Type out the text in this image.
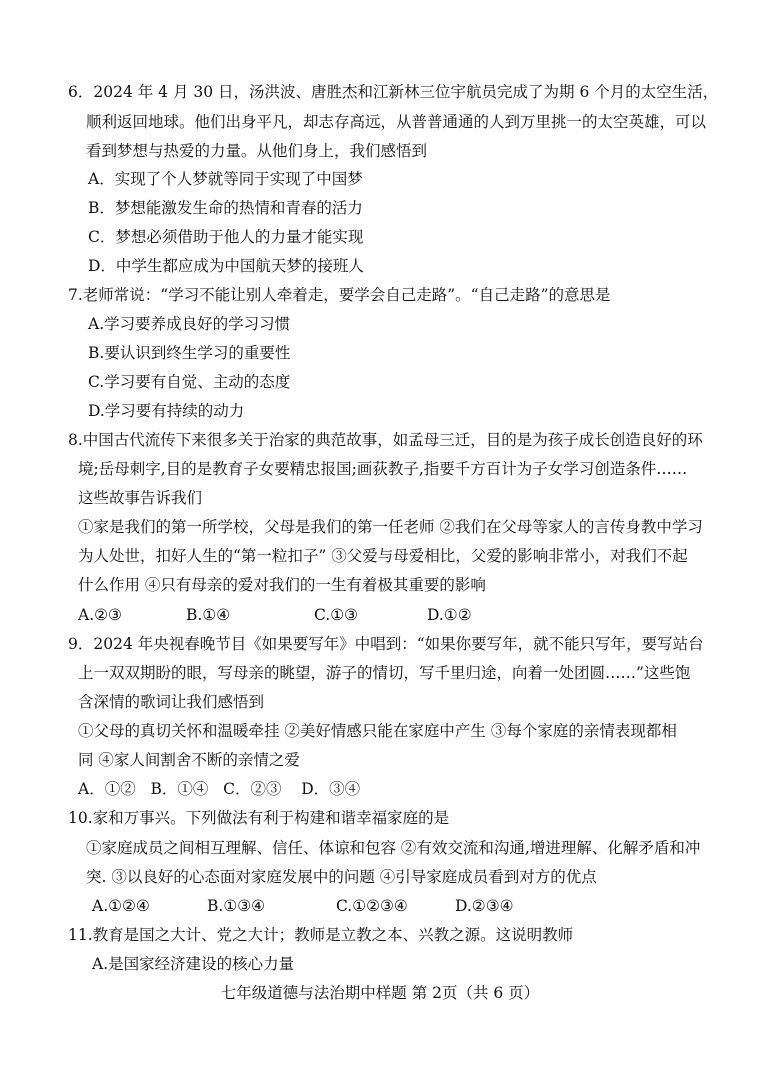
6．2024 年 4 月 30 日，汤洪波、唐胜杰和江新林三位宇航员完成了为期 6 个月的太空生活，
顺利返回地球。他们出身平凡，却志存高远，从普普通通的人到万里挑一的太空英雄，可以
看到梦想与热爱的力量。从他们身上，我们感悟到
A．实现了个人梦就等同于实现了中国梦
B．梦想能激发生命的热情和青春的活力
C．梦想必须借助于他人的力量才能实现
D．中学生都应成为中国航天梦的接班人
7.老师常说：“学习不能让别人牵着走，要学会自己走路”。“自己走路”的意思是
A.学习要养成良好的学习习惯
B.要认识到终生学习的重要性
C.学习要有自觉、主动的态度
D.学习要有持续的动力
8.中国古代流传下来很多关于治家的典范故事，如孟母三迁，目的是为孩子成长创造良好的环
境;岳母刺字,目的是教育子女要精忠报国;画荻教子,指要千方百计为子女学习创造条件……
这些故事告诉我们
①家是我们的第一所学校，父母是我们的第一任老师 ②我们在父母等家人的言传身教中学习
为人处世，扣好人生的“第一粒扣子” ③父爱与母爱相比，父爱的影响非常小，对我们不起
什么作用 ④只有母亲的爱对我们的一生有着极其重要的影响
A.②③	B.①④	C.①③	D.①②
9．2024 年央视春晚节目《如果要写年》中唱到：“如果你要写年，就不能只写年，要写站台
上一双双期盼的眼，写母亲的眺望，游子的情切，写千里归途，向着一处团圆……”这些饱
含深情的歌词让我们感悟到
①父母的真切关怀和温暖牵挂 ②美好情感只能在家庭中产生 ③每个家庭的亲情表现都相
同 ④家人间割舍不断的亲情之爱
A．①②   B．①④   C．②③    D．③④
10.家和万事兴。下列做法有利于构建和谐幸福家庭的是
①家庭成员之间相互理解、信任、体谅和包容 ②有效交流和沟通,增进理解、化解矛盾和冲
突. ③以良好的心态面对家庭发展中的问题 ④引导家庭成员看到对方的优点
A.①②④	B.①③④	C.①②③④	D.②③④
11.教育是国之大计、党之大计；教师是立教之本、兴教之源。这说明教师
A.是国家经济建设的核心力量
七年级道德与法治期中样题 第 2页（共 6 页）
